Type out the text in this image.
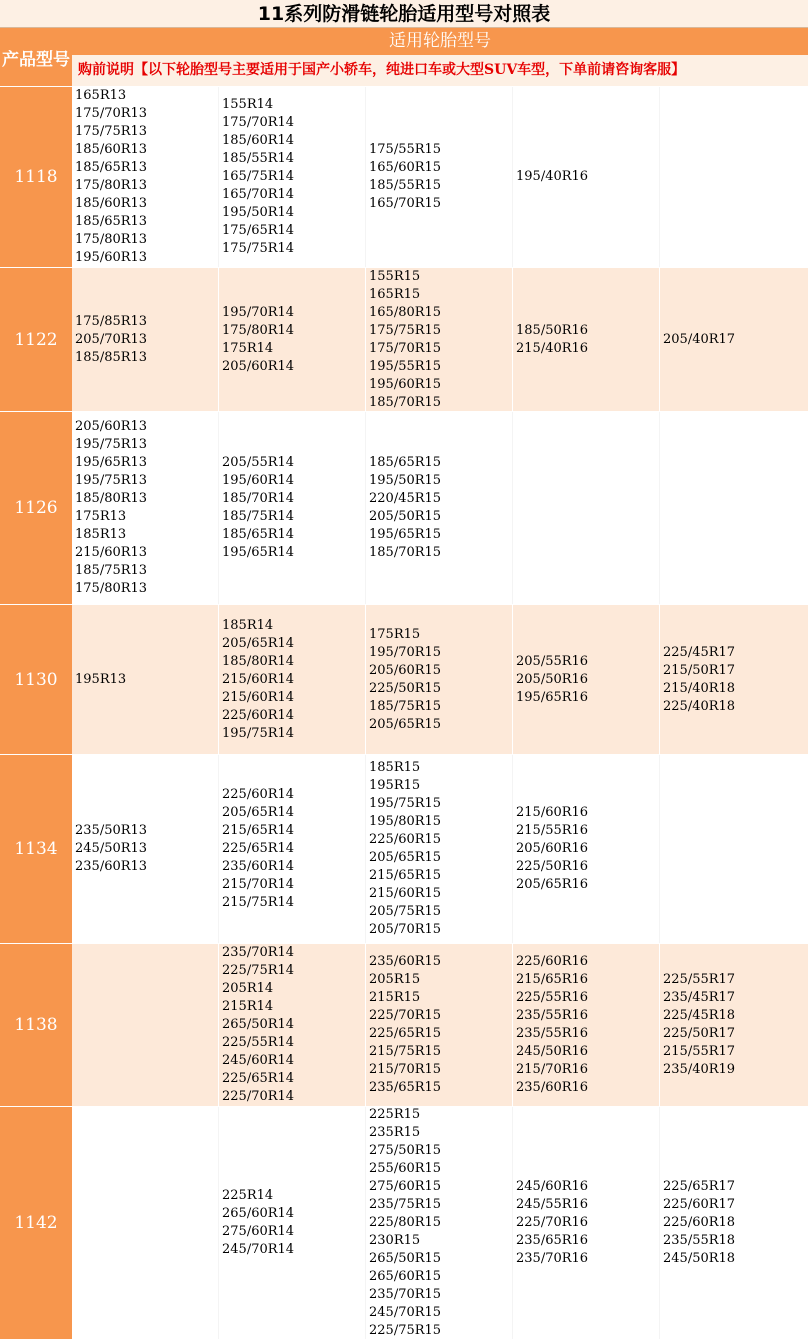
11系列防滑链轮胎适用型号对照表
产品型号
适用轮胎型号
购前说明【以下轮胎型号主要适用于国产小轿车，纯进口车或大型SUV车型，下单前请咨询客服】
1118
165R13
175/70R13
175/75R13
185/60R13
185/65R13
175/80R13
185/60R13
185/65R13
175/80R13
195/60R13
155R14
175/70R14
185/60R14
185/55R14
165/75R14
165/70R14
195/50R14
175/65R14
175/75R14
175/55R15
165/60R15
185/55R15
165/70R15
195/40R16
1122
175/85R13
205/70R13
185/85R13
195/70R14
175/80R14
175R14
205/60R14
155R15
165R15
165/80R15
175/75R15
175/70R15
195/55R15
195/60R15
185/70R15
185/50R16
215/40R16
205/40R17
1126
205/60R13
195/75R13
195/65R13
195/75R13
185/80R13
175R13
185R13
215/60R13
185/75R13
175/80R13
205/55R14
195/60R14
185/70R14
185/75R14
185/65R14
195/65R14
185/65R15
195/50R15
220/45R15
205/50R15
195/65R15
185/70R15
1130	195R13
185R14
205/65R14
185/80R14
215/60R14
215/60R14
225/60R14
195/75R14
175R15
195/70R15
205/60R15
225/50R15
185/75R15
205/65R15
205/55R16
205/50R16
195/65R16
225/45R17
215/50R17
215/40R18
225/40R18
1134
235/50R13
245/50R13
235/60R13
225/60R14
205/65R14
215/65R14
225/65R14
235/60R14
215/70R14
215/75R14
185R15
195R15
195/75R15
195/80R15
225/60R15
205/65R15
215/65R15
215/60R15
205/75R15
205/70R15
215/60R16
215/55R16
205/60R16
225/50R16
205/65R16
1138
235/70R14
225/75R14
205R14
215R14
265/50R14
225/55R14
245/60R14
225/65R14
225/70R14
235/60R15
205R15
215R15
225/70R15
225/65R15
215/75R15
215/70R15
235/65R15
225/60R16
215/65R16
225/55R16
235/55R16
235/55R16
245/50R16
215/70R16
235/60R16
225/55R17
235/45R17
225/45R18
225/50R17
215/55R17
235/40R19
1142
225R14
265/60R14
275/60R14
245/70R14
225R15
235R15
275/50R15
255/60R15
275/60R15
235/75R15
225/80R15
230R15
265/50R15
265/60R15
235/70R15
245/70R15
225/75R15
245/60R16
245/55R16
225/70R16
235/65R16
235/70R16
225/65R17
225/60R17
225/60R18
235/55R18
245/50R18
